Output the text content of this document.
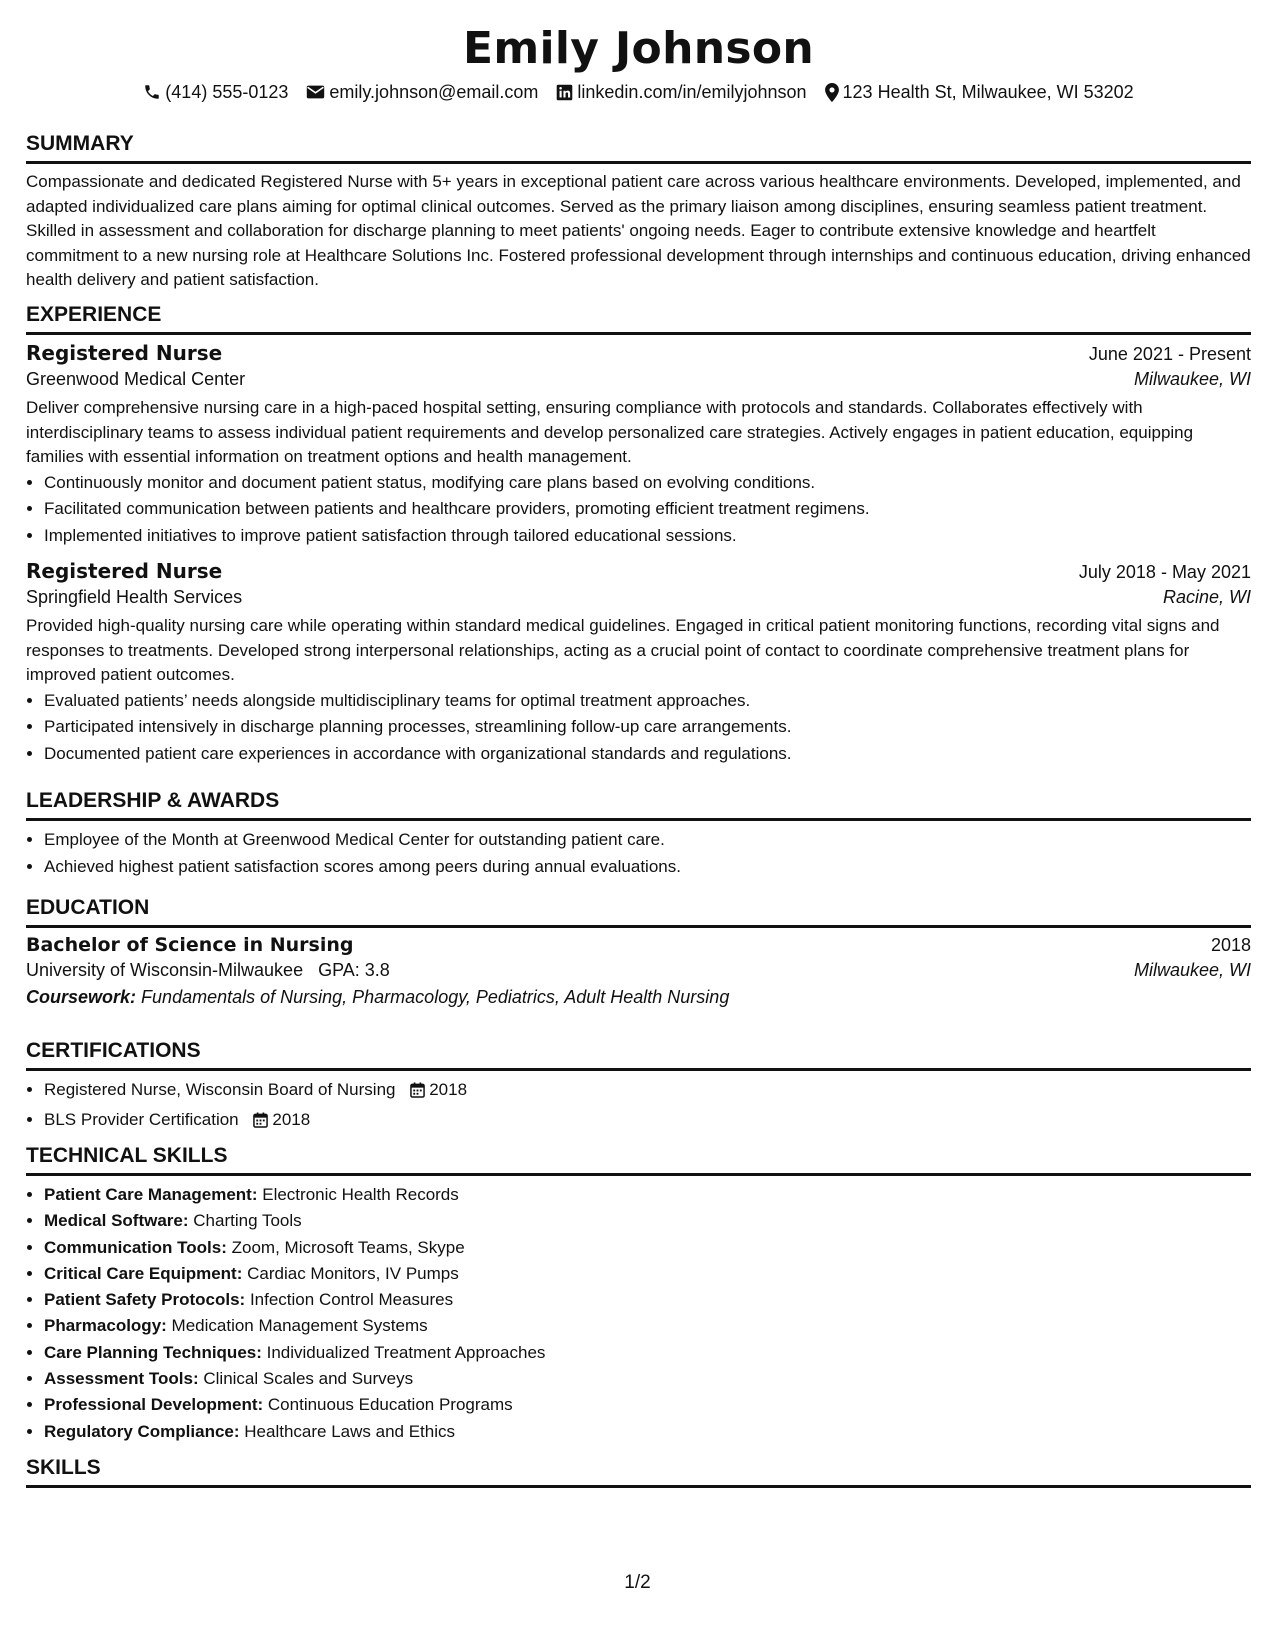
Emily Johnson
(414) 555-0123 emily.johnson@email.com linkedin.com/in/emilyjohnson 123 Health St, Milwaukee, WI 53202
SUMMARY

Compassionate and dedicated Registered Nurse with 5+ years in exceptional patient care across various healthcare environments. Developed, implemented, and adapted individualized care plans aiming for optimal clinical outcomes. Served as the primary liaison among disciplines, ensuring seamless patient treatment. Skilled in assessment and collaboration for discharge planning to meet patients' ongoing needs. Eager to contribute extensive knowledge and heartfelt commitment to a new nursing role at Healthcare Solutions Inc. Fostered professional development through internships and continuous education, driving enhanced health delivery and patient satisfaction.

EXPERIENCE
Registered Nurse	June 2021 - Present
Greenwood Medical Center	Milwaukee, WI

Deliver comprehensive nursing care in a high-paced hospital setting, ensuring compliance with protocols and standards. Collaborates effectively with interdisciplinary teams to assess individual patient requirements and develop personalized care strategies. Actively engages in patient education, equipping families with essential information on treatment options and health management.

• Continuously monitor and document patient status, modifying care plans based on evolving conditions.
• Facilitated communication between patients and healthcare providers, promoting efficient treatment regimens.
• Implemented initiatives to improve patient satisfaction through tailored educational sessions.
Registered Nurse	July 2018 - May 2021
Springfield Health Services	Racine, WI

Provided high-quality nursing care while operating within standard medical guidelines. Engaged in critical patient monitoring functions, recording vital signs and responses to treatments. Developed strong interpersonal relationships, acting as a crucial point of contact to coordinate comprehensive treatment plans for improved patient outcomes.

• Evaluated patients’ needs alongside multidisciplinary teams for optimal treatment approaches.
• Participated intensively in discharge planning processes, streamlining follow-up care arrangements.
• Documented patient care experiences in accordance with organizational standards and regulations.
LEADERSHIP & AWARDS
• Employee of the Month at Greenwood Medical Center for outstanding patient care.
• Achieved highest patient satisfaction scores among peers during annual evaluations.
EDUCATION
Bachelor of Science in Nursing	2018
University of Wisconsin-Milwaukee GPA: 3.8	Milwaukee, WI
Coursework: Fundamentals of Nursing, Pharmacology, Pediatrics, Adult Health Nursing
CERTIFICATIONS
• Registered Nurse, Wisconsin Board of Nursing 2018
• BLS Provider Certification 2018
TECHNICAL SKILLS
• Patient Care Management: Electronic Health Records
• Medical Software: Charting Tools
• Communication Tools: Zoom, Microsoft Teams, Skype
• Critical Care Equipment: Cardiac Monitors, IV Pumps
• Patient Safety Protocols: Infection Control Measures
• Pharmacology: Medication Management Systems
• Care Planning Techniques: Individualized Treatment Approaches
• Assessment Tools: Clinical Scales and Surveys
• Professional Development: Continuous Education Programs
• Regulatory Compliance: Healthcare Laws and Ethics
SKILLS
1/2
